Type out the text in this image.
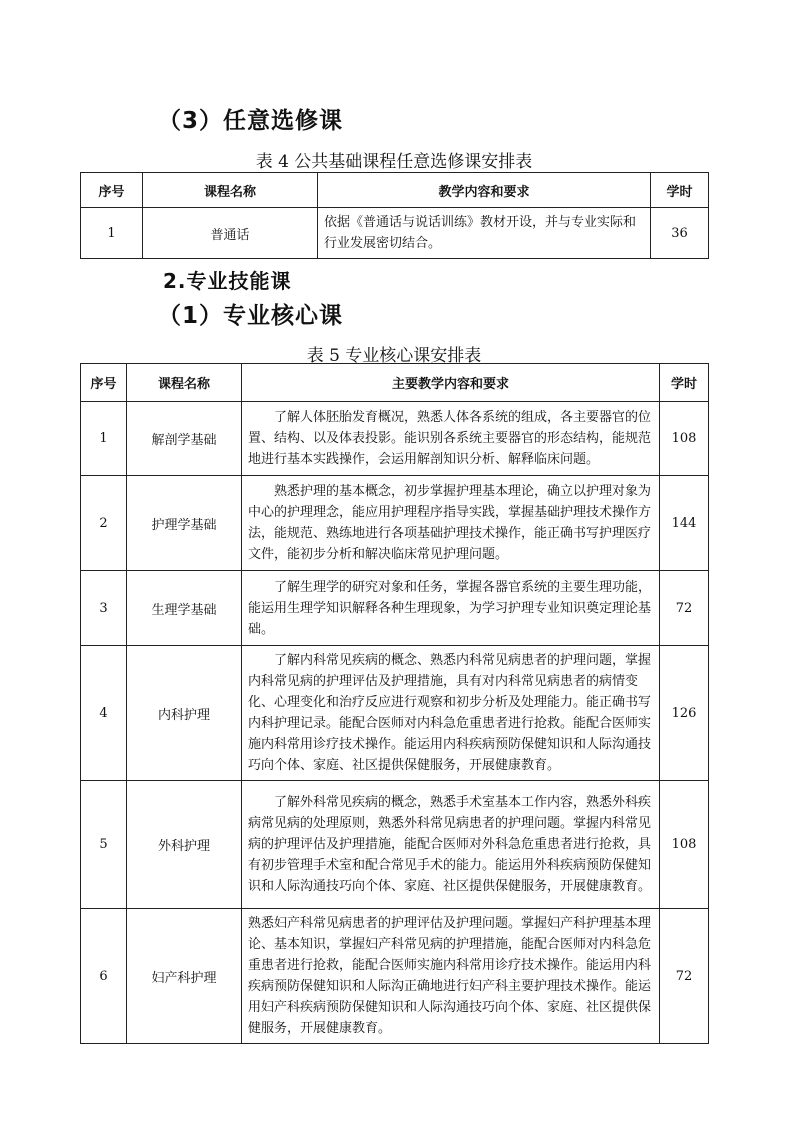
（3）任意选修课
表 4 公共基础课程任意选修课安排表
序号	课程名称	教学内容和要求	学时
1	普通话	依据《普通话与说话训练》教材开设，并与专业实际和行业发展密切结合。	36
2.专业技能课
（1）专业核心课
表 5 专业核心课安排表
序号	课程名称	主要教学内容和要求	学时
1	解剖学基础	了解人体胚胎发育概况，熟悉人体各系统的组成，各主要器官的位置、结构、以及体表投影。能识别各系统主要器官的形态结构，能规范地进行基本实践操作，会运用解剖知识分析、解释临床问题。	108
2	护理学基础	熟悉护理的基本概念，初步掌握护理基本理论，确立以护理对象为中心的护理理念，能应用护理程序指导实践，掌握基础护理技术操作方法，能规范、熟练地进行各项基础护理技术操作，能正确书写护理医疗文件，能初步分析和解决临床常见护理问题。	144
3	生理学基础	了解生理学的研究对象和任务，掌握各器官系统的主要生理功能，能运用生理学知识解释各种生理现象，为学习护理专业知识奠定理论基础。	72
4	内科护理	了解内科常见疾病的概念、熟悉内科常见病患者的护理问题，掌握内科常见病的护理评估及护理措施，具有对内科常见病患者的病情变化、心理变化和治疗反应进行观察和初步分析及处理能力。能正确书写内科护理记录。能配合医师对内科急危重患者进行抢救。能配合医师实施内科常用诊疗技术操作。能运用内科疾病预防保健知识和人际沟通技巧向个体、家庭、社区提供保健服务，开展健康教育。	126
5	外科护理	了解外科常见疾病的概念，熟悉手术室基本工作内容，熟悉外科疾病常见病的处理原则，熟悉外科常见病患者的护理问题。掌握内科常见病的护理评估及护理措施，能配合医师对外科急危重患者进行抢救，具有初步管理手术室和配合常见手术的能力。能运用外科疾病预防保健知识和人际沟通技巧向个体、家庭、社区提供保健服务，开展健康教育。	108
6	妇产科护理	熟悉妇产科常见病患者的护理评估及护理问题。掌握妇产科护理基本理论、基本知识，掌握妇产科常见病的护理措施，能配合医师对内科急危重患者进行抢救，能配合医师实施内科常用诊疗技术操作。能运用内科疾病预防保健知识和人际沟正确地进行妇产科主要护理技术操作。能运用妇产科疾病预防保健知识和人际沟通技巧向个体、家庭、社区提供保健服务，开展健康教育。	72
